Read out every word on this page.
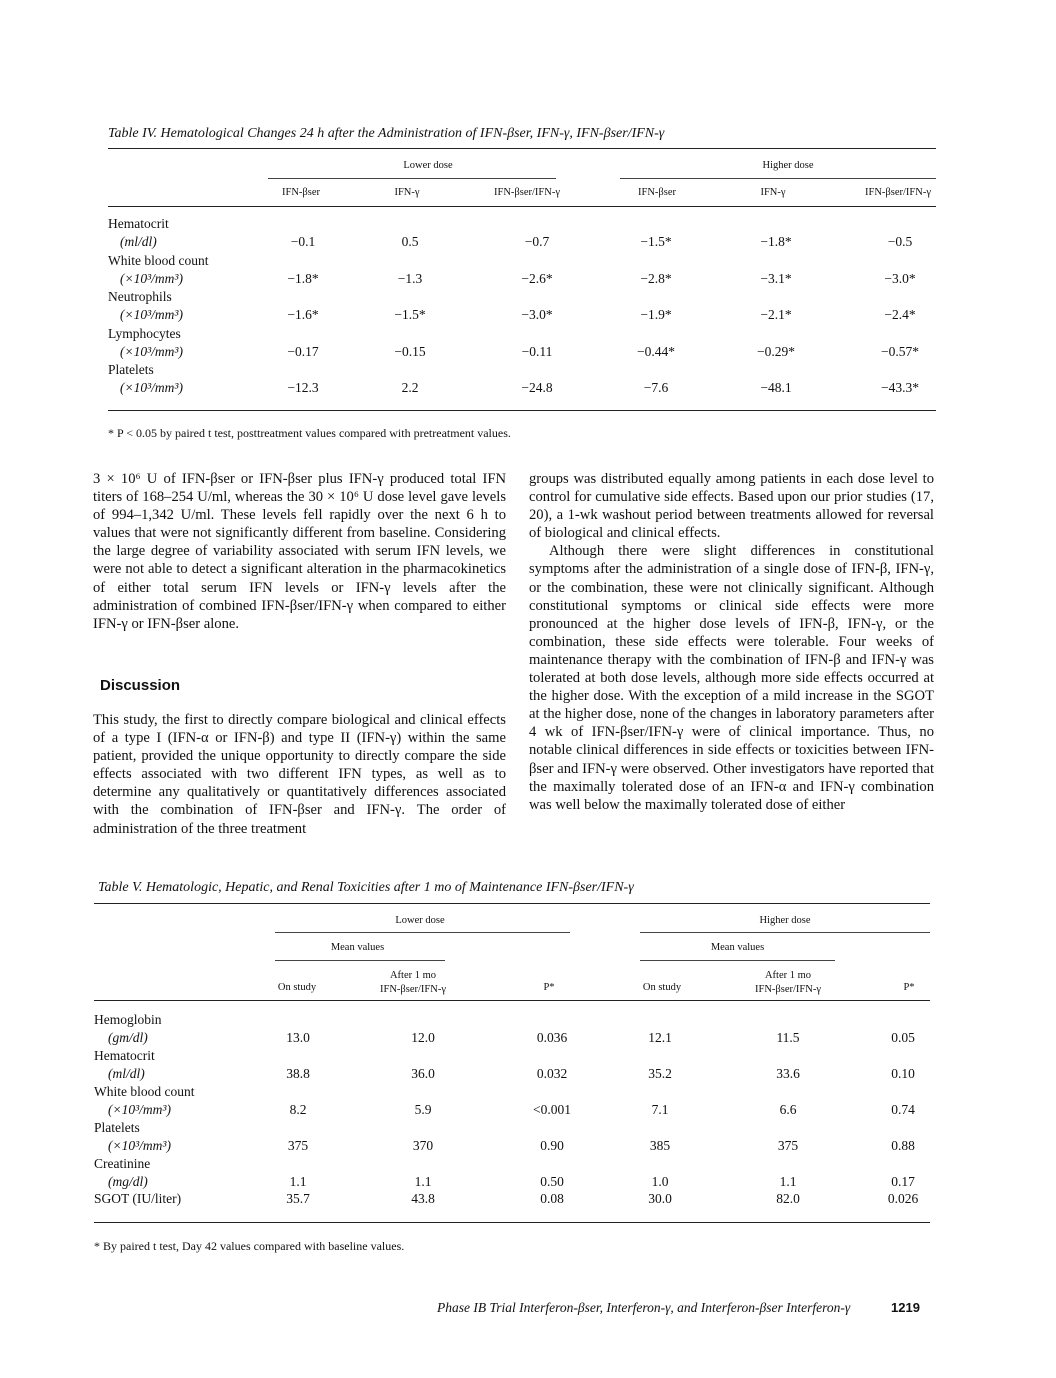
Table IV. Hematological Changes 24 h after the Administration of IFN-βser, IFN-γ, IFN-βser/IFN-γ
Lower dose	Higher dose
IFN-βser	IFN-γ	IFN-βser/IFN-γ	IFN-βser	IFN-γ	IFN-βser/IFN-γ
Hematocrit
(ml/dl)	−0.1	0.5	−0.7	−1.5*	−1.8*	−0.5
White blood count
(×10³/mm³)	−1.8*	−1.3	−2.6*	−2.8*	−3.1*	−3.0*
Neutrophils
(×10³/mm³)	−1.6*	−1.5*	−3.0*	−1.9*	−2.1*	−2.4*
Lymphocytes
(×10³/mm³)	−0.17	−0.15	−0.11	−0.44*	−0.29*	−0.57*
Platelets
(×10³/mm³)	−12.3	2.2	−24.8	−7.6	−48.1	−43.3*
* P < 0.05 by paired t test, posttreatment values compared with pretreatment values.

3 × 10⁶ U of IFN-βser or IFN-βser plus IFN-γ produced total IFN titers of 168–254 U/ml, whereas the 30 × 10⁶ U dose level gave levels of 994–1,342 U/ml. These levels fell rapidly over the next 6 h to values that were not significantly different from baseline. Considering the large degree of variability associated with serum IFN levels, we were not able to detect a significant alteration in the pharmacokinetics of either total serum IFN levels or IFN-γ levels after the administration of combined IFN-βser/IFN-γ when compared to either IFN-γ or IFN-βser alone.

Discussion

This study, the first to directly compare biological and clinical effects of a type I (IFN-α or IFN-β) and type II (IFN-γ) within the same patient, provided the unique opportunity to directly compare the side effects associated with two different IFN types, as well as to determine any qualitatively or quantitatively differences associated with the combination of IFN-βser and IFN-γ. The order of administration of the three treatment

groups was distributed equally among patients in each dose level to control for cumulative side effects. Based upon our prior studies (17, 20), a 1-wk washout period between treatments allowed for reversal of biological and clinical effects.

Although there were slight differences in constitutional symptoms after the administration of a single dose of IFN-β, IFN-γ, or the combination, these were not clinically significant. Although constitutional symptoms or clinical side effects were more pronounced at the higher dose levels of IFN-β, IFN-γ, or the combination, these side effects were tolerable. Four weeks of maintenance therapy with the combination of IFN-β and IFN-γ was tolerated at both dose levels, although more side effects occurred at the higher dose. With the exception of a mild increase in the SGOT at the higher dose, none of the changes in laboratory parameters after 4 wk of IFN-βser/IFN-γ were of clinical importance. Thus, no notable clinical differences in side effects or toxicities between IFN-βser and IFN-γ were observed. Other investigators have reported that the maximally tolerated dose of an IFN-α and IFN-γ combination was well below the maximally tolerated dose of either

Table V. Hematologic, Hepatic, and Renal Toxicities after 1 mo of Maintenance IFN-βser/IFN-γ
Lower dose	Higher dose
Mean values	Mean values
On study
After 1 mo
IFN-βser/IFN-γ	P*	On study
After 1 mo
IFN-βser/IFN-γ	P*
Hemoglobin
(gm/dl)	13.0	12.0	0.036	12.1	11.5	0.05
Hematocrit
(ml/dl)	38.8	36.0	0.032	35.2	33.6	0.10
White blood count
(×10³/mm³)	8.2	5.9	<0.001	7.1	6.6	0.74
Platelets
(×10³/mm³)	375	370	0.90	385	375	0.88
Creatinine
(mg/dl)	1.1	1.1	0.50	1.0	1.1	0.17
SGOT (IU/liter)	35.7	43.8	0.08	30.0	82.0	0.026
* By paired t test, Day 42 values compared with baseline values.
Phase IB Trial Interferon-βser, Interferon-γ, and Interferon-βser Interferon-γ	1219
